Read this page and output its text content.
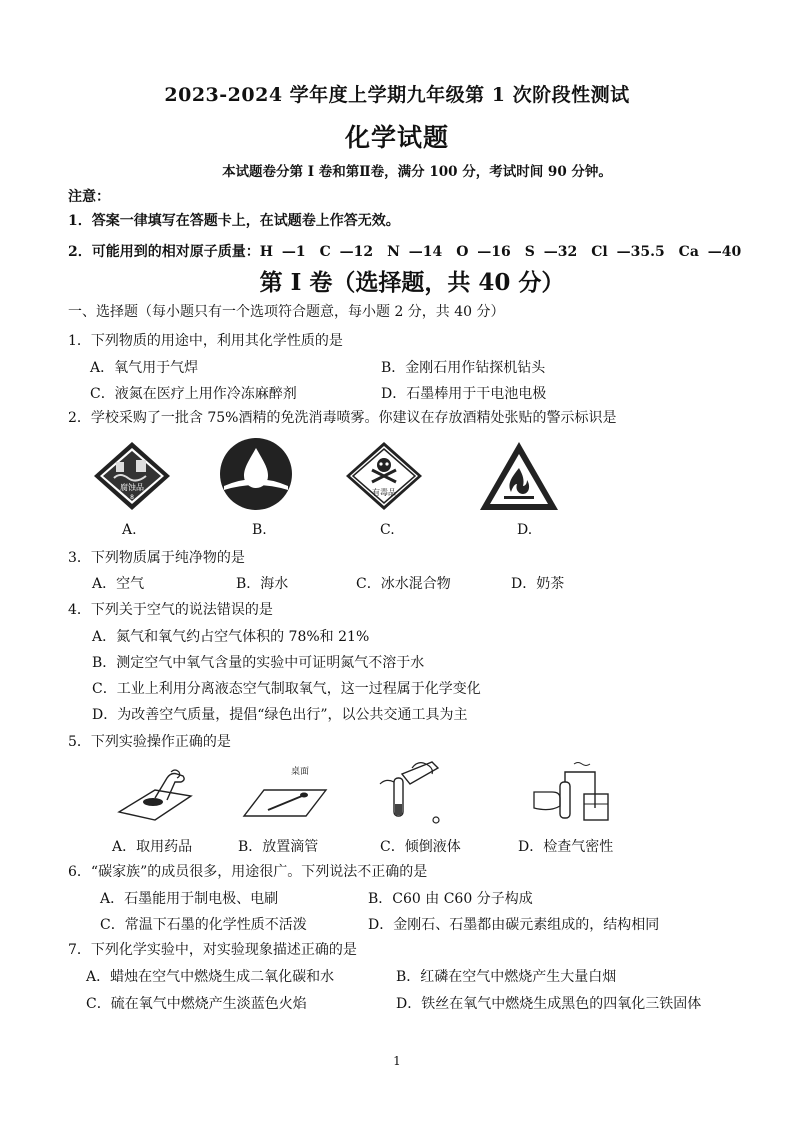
2023-2024 学年度上学期九年级第 1 次阶段性测试
化学试题
本试题卷分第 I 卷和第Ⅱ卷，满分 100 分，考试时间 90 分钟。
注意：
1．答案一律填写在答题卡上，在试题卷上作答无效。
2．可能用到的相对原子质量：H —1　C —12　N —14　O —16　S —32　Cl —35.5　Ca —40
第 I 卷（选择题，共 40 分）
一、选择题（每小题只有一个选项符合题意，每小题 2 分，共 40 分）
1．下列物质的用途中，利用其化学性质的是
A．氧气用于气焊	B．金刚石用作钻探机钻头
C．液氮在医疗上用作冷冻麻醉剂	D．石墨棒用于干电池电极
2．学校采购了一批含 75%酒精的免洗消毒喷雾。你建议在存放酒精处张贴的警示标识是
腐蚀品
8
有毒品
A.	B.	C.	D.
3．下列物质属于纯净物的是
A．空气	B．海水	C．冰水混合物	D．奶茶
4．下列关于空气的说法错误的是
A．氮气和氧气约占空气体积的 78%和 21%
B．测定空气中氧气含量的实验中可证明氮气不溶于水
C．工业上利用分离液态空气制取氧气，这一过程属于化学变化
D．为改善空气质量，提倡“绿色出行”，以公共交通工具为主
5．下列实验操作正确的是
桌面
A．取用药品	B．放置滴管	C．倾倒液体	D．检查气密性
6．“碳家族”的成员很多，用途很广。下列说法不正确的是
A．石墨能用于制电极、电刷	B．C60 由 C60 分子构成
C．常温下石墨的化学性质不活泼	D．金刚石、石墨都由碳元素组成的，结构相同
7．下列化学实验中，对实验现象描述正确的是
A．蜡烛在空气中燃烧生成二氧化碳和水	B．红磷在空气中燃烧产生大量白烟
C．硫在氧气中燃烧产生淡蓝色火焰	D．铁丝在氧气中燃烧生成黑色的四氧化三铁固体
1
